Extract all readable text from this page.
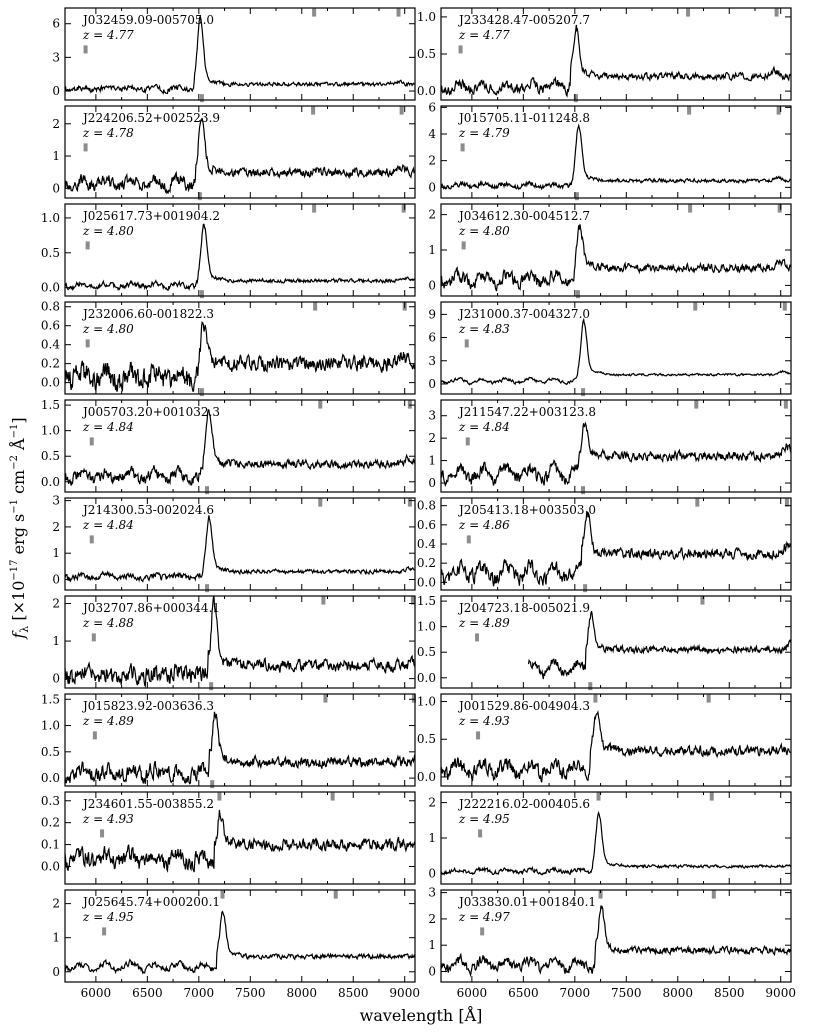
0
3
6 J032459.09-005705.0
z = 4.77
0.0
0.5
1.0 J233428.47-005207.7
z = 4.77
0
1
2 J224206.52+002523.9
z = 4.78
0
2
4
6
J015705.11-011248.8
z = 4.79
0.0
0.5
1.0 J025617.73+001904.2
z = 4.80
0
1
2 J034612.30-004512.7
z = 4.80
0.0
0.2
0.4
0.6
0.8
J232006.60-001822.3
z = 4.80
0
3
6
9 J231000.37-004327.0
z = 4.83
0.0
0.5
1.0
1.5 J005703.20+001032.3
z = 4.84
0
1
2
3 J211547.22+003123.8
z = 4.84
0
1
2
3
J214300.53-002024.6
z = 4.84
0.0
0.2
0.4
0.6
0.8 J205413.18+003503.0
z = 4.86
0
1
2 J032707.86+000344.1
z = 4.88
0.0
0.5
1.0
1.5 J204723.18-005021.9
z = 4.89
0.0
0.5
1.0
1.5 J015823.92-003636.3
z = 4.89
0.0
0.5
1.0 J001529.86-004904.3
z = 4.93
0.0
0.1
0.2
0.3 J234601.55-003855.2
z = 4.93
0
1
2 J222216.02-000405.6
z = 4.95
6000 6500 7000 7500 8000 8500 9000
0
1
2 J025645.74+000200.1
z = 4.95
6000 6500 7000 7500 8000 8500 9000
0
1
2
3
J033830.01+001840.1
z = 4.97
wavelength [Å]
$f_\lambda$ [$\times 10^{-17}$ erg $s^{-1}$ $cm^{-2}$ $Å^{-1}$]
